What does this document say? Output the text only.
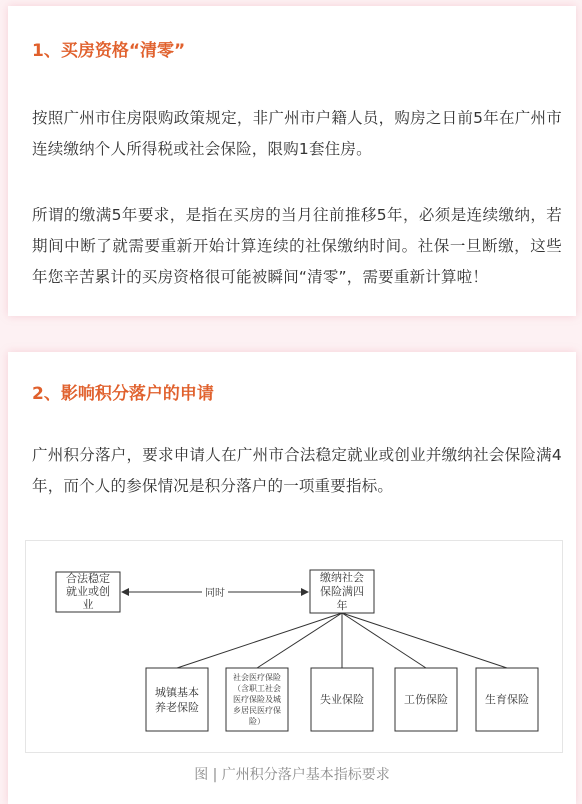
1、买房资格“清零”

按照广州市住房限购政策规定，非广州市户籍人员，购房之日前5年在广州市连续缴纳个人所得税或社会保险，限购1套住房。

所谓的缴满5年要求，是指在买房的当月往前推移5年，必须是连续缴纳，若期间中断了就需要重新开始计算连续的社保缴纳时间。社保一旦断缴，这些年您辛苦累计的买房资格很可能被瞬间“清零”，需要重新计算啦！

2、影响积分落户的申请

广州积分落户，要求申请人在广州市合法稳定就业或创业并缴纳社会保险满4年，而个人的参保情况是积分落户的一项重要指标。

合法稳定
就业或创
业
同时
缴纳社会
保险满四
年
城镇基本
养老保险
社会医疗保险
（含职工社会
医疗保险及城
乡居民医疗保
险）
失业保险	工伤保险	生育保险
图 | 广州积分落户基本指标要求
